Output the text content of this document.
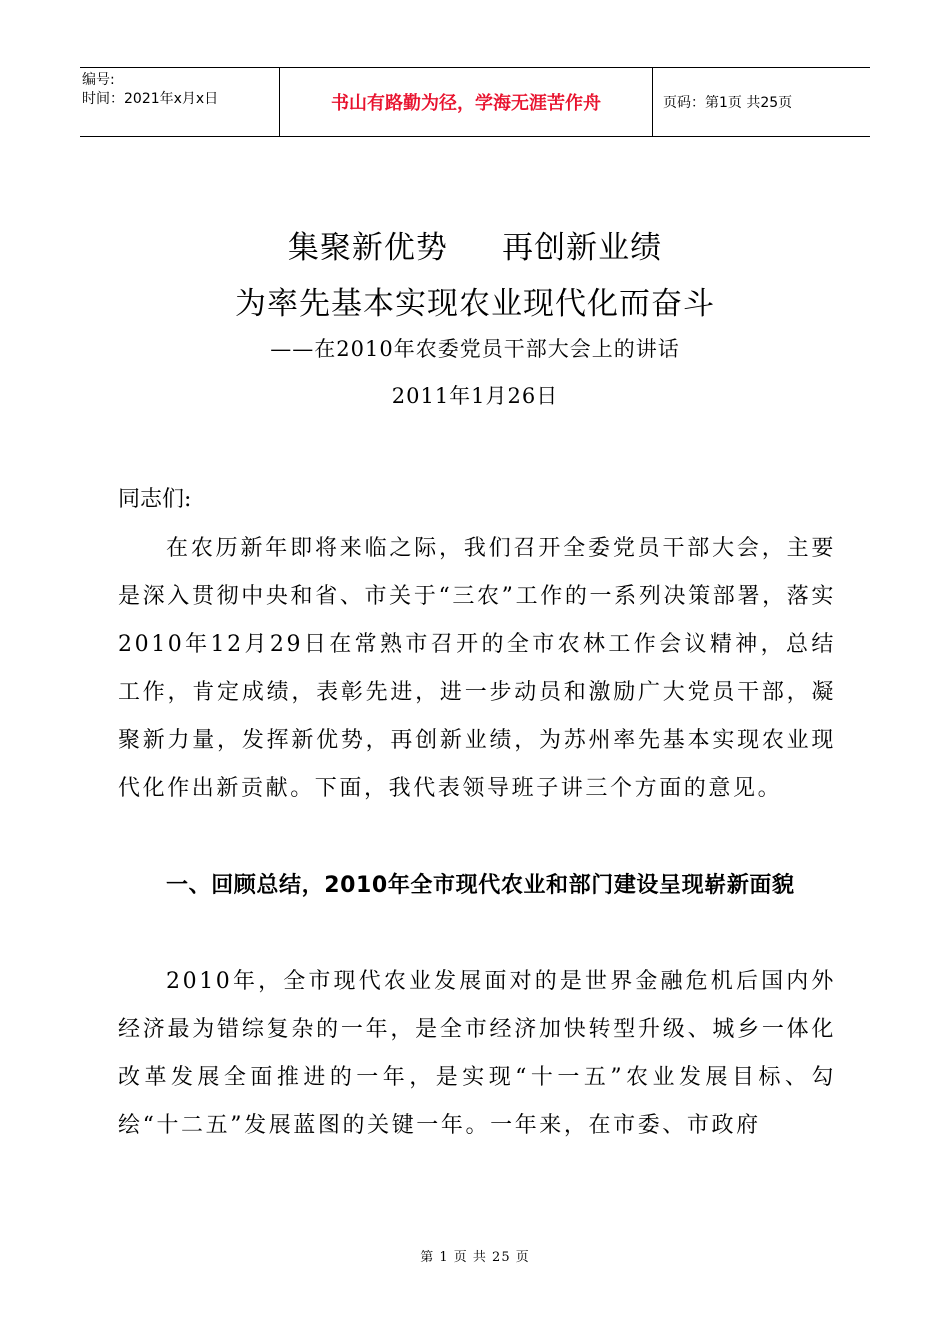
编号:
时间：2021年x月x日	书山有路勤为径，学海无涯苦作舟	页码：第1页 共25页
集聚新优势     再创新业绩
为率先基本实现农业现代化而奋斗
——在2010年农委党员干部大会上的讲话
2011年1月26日
同志们:
在农历新年即将来临之际，我们召开全委党员干部大会，主要是深入贯彻中央和省、市关于“三农”工作的一系列决策部署，落实2010年12月29日在常熟市召开的全市农林工作会议精神，总结工作，肯定成绩，表彰先进，进一步动员和激励广大党员干部，凝聚新力量，发挥新优势，再创新业绩，为苏州率先基本实现农业现代化作出新贡献。下面，我代表领导班子讲三个方面的意见。
一、回顾总结，2010年全市现代农业和部门建设呈现崭新面貌
2010年，全市现代农业发展面对的是世界金融危机后国内外经济最为错综复杂的一年，是全市经济加快转型升级、城乡一体化改革发展全面推进的一年，是实现“十一五”农业发展目标、勾绘“十二五”发展蓝图的关键一年。一年来，在市委、市政府
第 1 页 共 25 页
